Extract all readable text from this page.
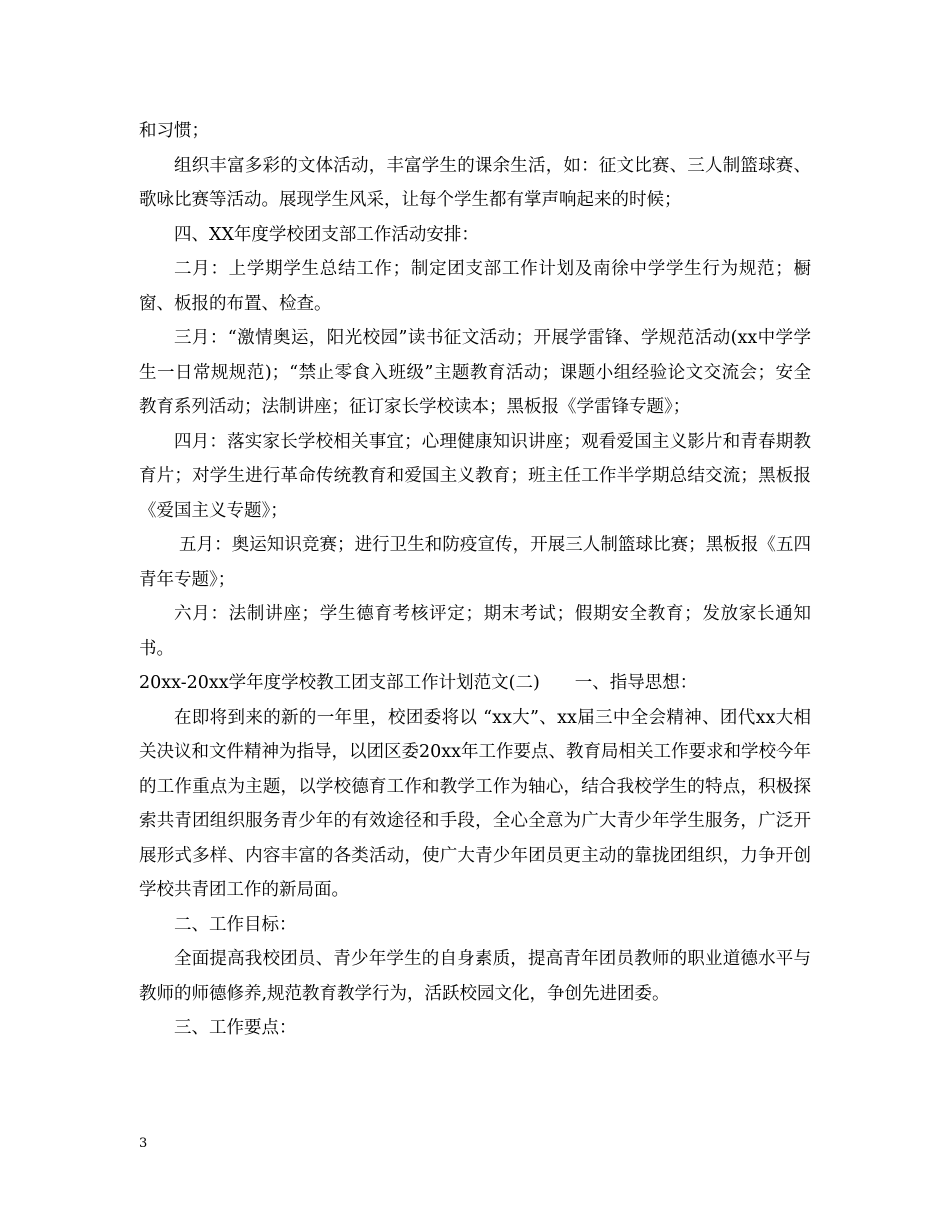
和习惯；

组织丰富多彩的文体活动，丰富学生的课余生活，如：征文比赛、三人制篮球赛、歌咏比赛等活动。展现学生风采，让每个学生都有掌声响起来的时候；

四、XX年度学校团支部工作活动安排：

二月：上学期学生总结工作；制定团支部工作计划及南徐中学学生行为规范；橱窗、板报的布置、检查。

三月：“激情奥运，阳光校园”读书征文活动；开展学雷锋、学规范活动(xx中学学生一日常规规范)；“禁止零食入班级”主题教育活动；课题小组经验论文交流会；安全教育系列活动；法制讲座；征订家长学校读本；黑板报《学雷锋专题》；

四月：落实家长学校相关事宜；心理健康知识讲座；观看爱国主义影片和青春期教育片；对学生进行革命传统教育和爱国主义教育；班主任工作半学期总结交流；黑板报《爱国主义专题》；

五月：奥运知识竞赛；进行卫生和防疫宣传，开展三人制篮球比赛；黑板报《五四青年专题》；

六月：法制讲座；学生德育考核评定；期末考试；假期安全教育；发放家长通知书。

20xx-20xx学年度学校教工团支部工作计划范文(二)　　一、指导思想：

在即将到来的新的一年里，校团委将以 “xx大”、xx届三中全会精神、团代xx大相关决议和文件精神为指导，以团区委20xx年工作要点、教育局相关工作要求和学校今年的工作重点为主题，以学校德育工作和教学工作为轴心，结合我校学生的特点，积极探索共青团组织服务青少年的有效途径和手段，全心全意为广大青少年学生服务，广泛开展形式多样、内容丰富的各类活动，使广大青少年团员更主动的靠拢团组织，力争开创学校共青团工作的新局面。

二、工作目标：

全面提高我校团员、青少年学生的自身素质，提高青年团员教师的职业道德水平与教师的师德修养,规范教育教学行为，活跃校园文化，争创先进团委。

三、工作要点：

3
